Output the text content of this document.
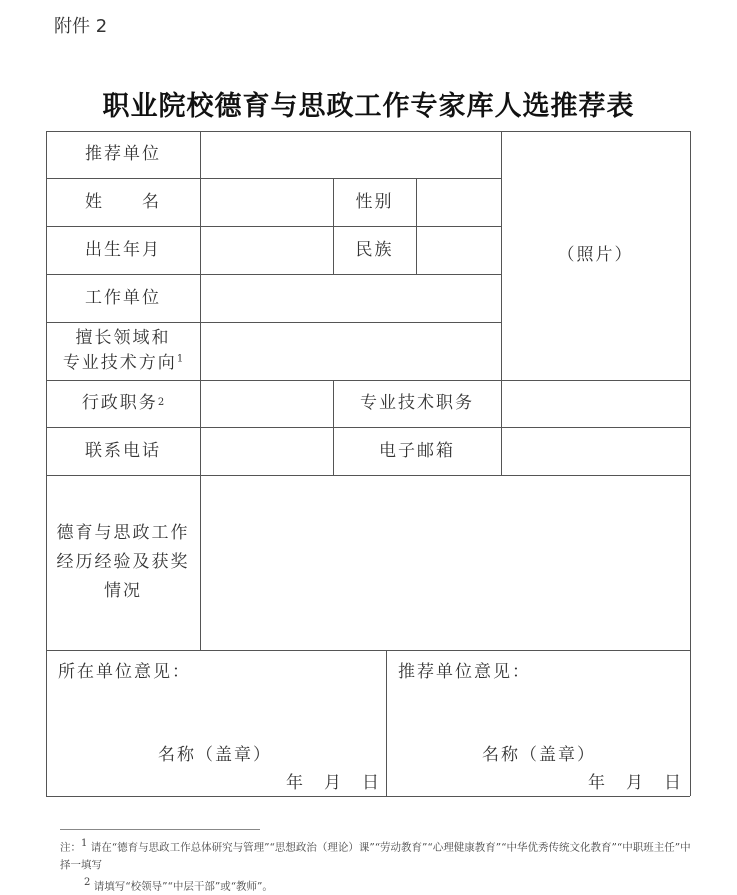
附件 2
职业院校德育与思政工作专家库人选推荐表
推荐单位
姓　　名	性别
出生年月	民族	（照片）
工作单位
擅长领域和
专业技术方向$^1$
行政职务 2	专业技术职务
联系电话	电子邮箱
德育与思政工作
经历经验及获奖
情况
所在单位意见：
名称（盖章）
年　月　日
推荐单位意见：
名称（盖章）
年　月　日
注：1 请在“德育与思政工作总体研究与管理”“思想政治（理论）课”“劳动教育”“心理健康教育”“中华优秀传统文化教育”“中职班主任”中择一填写
2 请填写“校领导”“中层干部”或“教师”。
